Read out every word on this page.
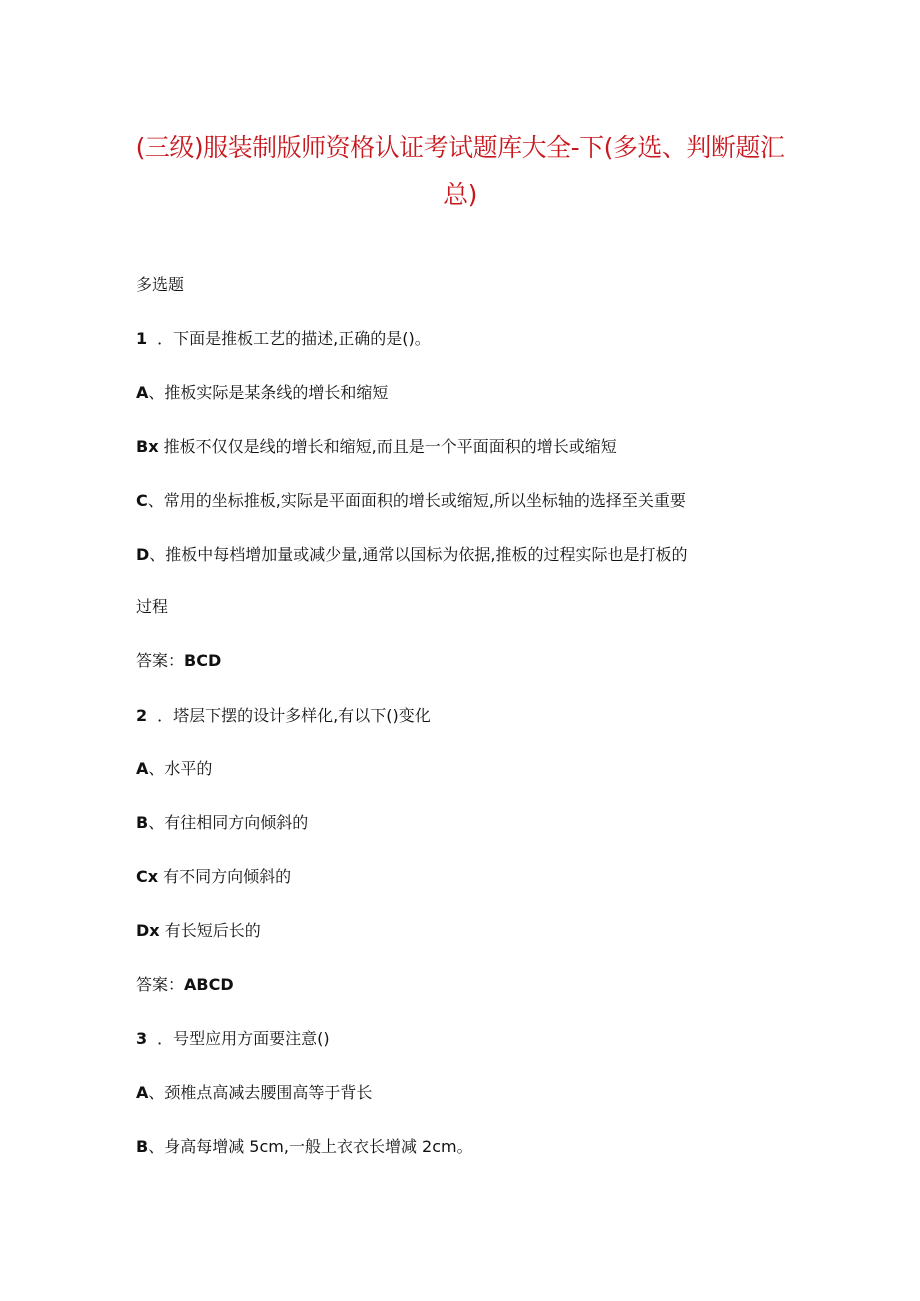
(三级)服装制版师资格认证考试题库大全-下(多选、判断题汇
总)
多选题
1 ．下面是推板工艺的描述,正确的是()。
A、推板实际是某条线的增长和缩短
Bx 推板不仅仅是线的增长和缩短,而且是一个平面面积的增长或缩短
C、常用的坐标推板,实际是平面面积的增长或缩短,所以坐标轴的选择至关重要
D、推板中每档增加量或减少量,通常以国标为依据,推板的过程实际也是打板的
过程
答案：BCD
2 ．塔层下摆的设计多样化,有以下()变化
A、水平的
B、有往相同方向倾斜的
Cx 有不同方向倾斜的
Dx 有长短后长的
答案：ABCD
3 ．号型应用方面要注意()
A、颈椎点高减去腰围高等于背长
B、身高每增减 5cm,一般上衣衣长增减 2cm。
